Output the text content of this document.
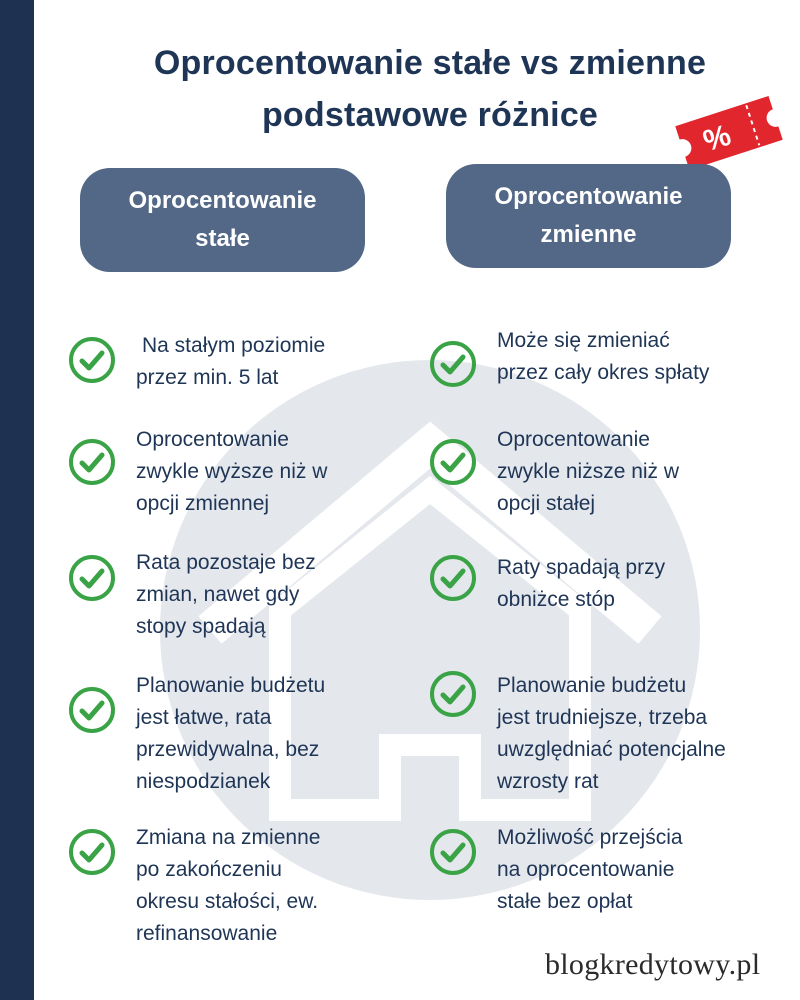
Oprocentowanie stałe vs zmienne
podstawowe różnice
%
Oprocentowanie
stałe
Oprocentowanie
zmienne
Na stałym poziomie
przez min. 5 lat
Oprocentowanie
zwykle wyższe niż w
opcji zmiennej
Rata pozostaje bez
zmian, nawet gdy
stopy spadają
Planowanie budżetu
jest łatwe, rata
przewidywalna, bez
niespodzianek
Zmiana na zmienne
po zakończeniu
okresu stałości, ew.
refinansowanie
Może się zmieniać
przez cały okres spłaty
Oprocentowanie
zwykle niższe niż w
opcji stałej
Raty spadają przy
obniżce stóp
Planowanie budżetu
jest trudniejsze, trzeba
uwzględniać potencjalne
wzrosty rat
Możliwość przejścia
na oprocentowanie
stałe bez opłat
blogkredytowy.pl
